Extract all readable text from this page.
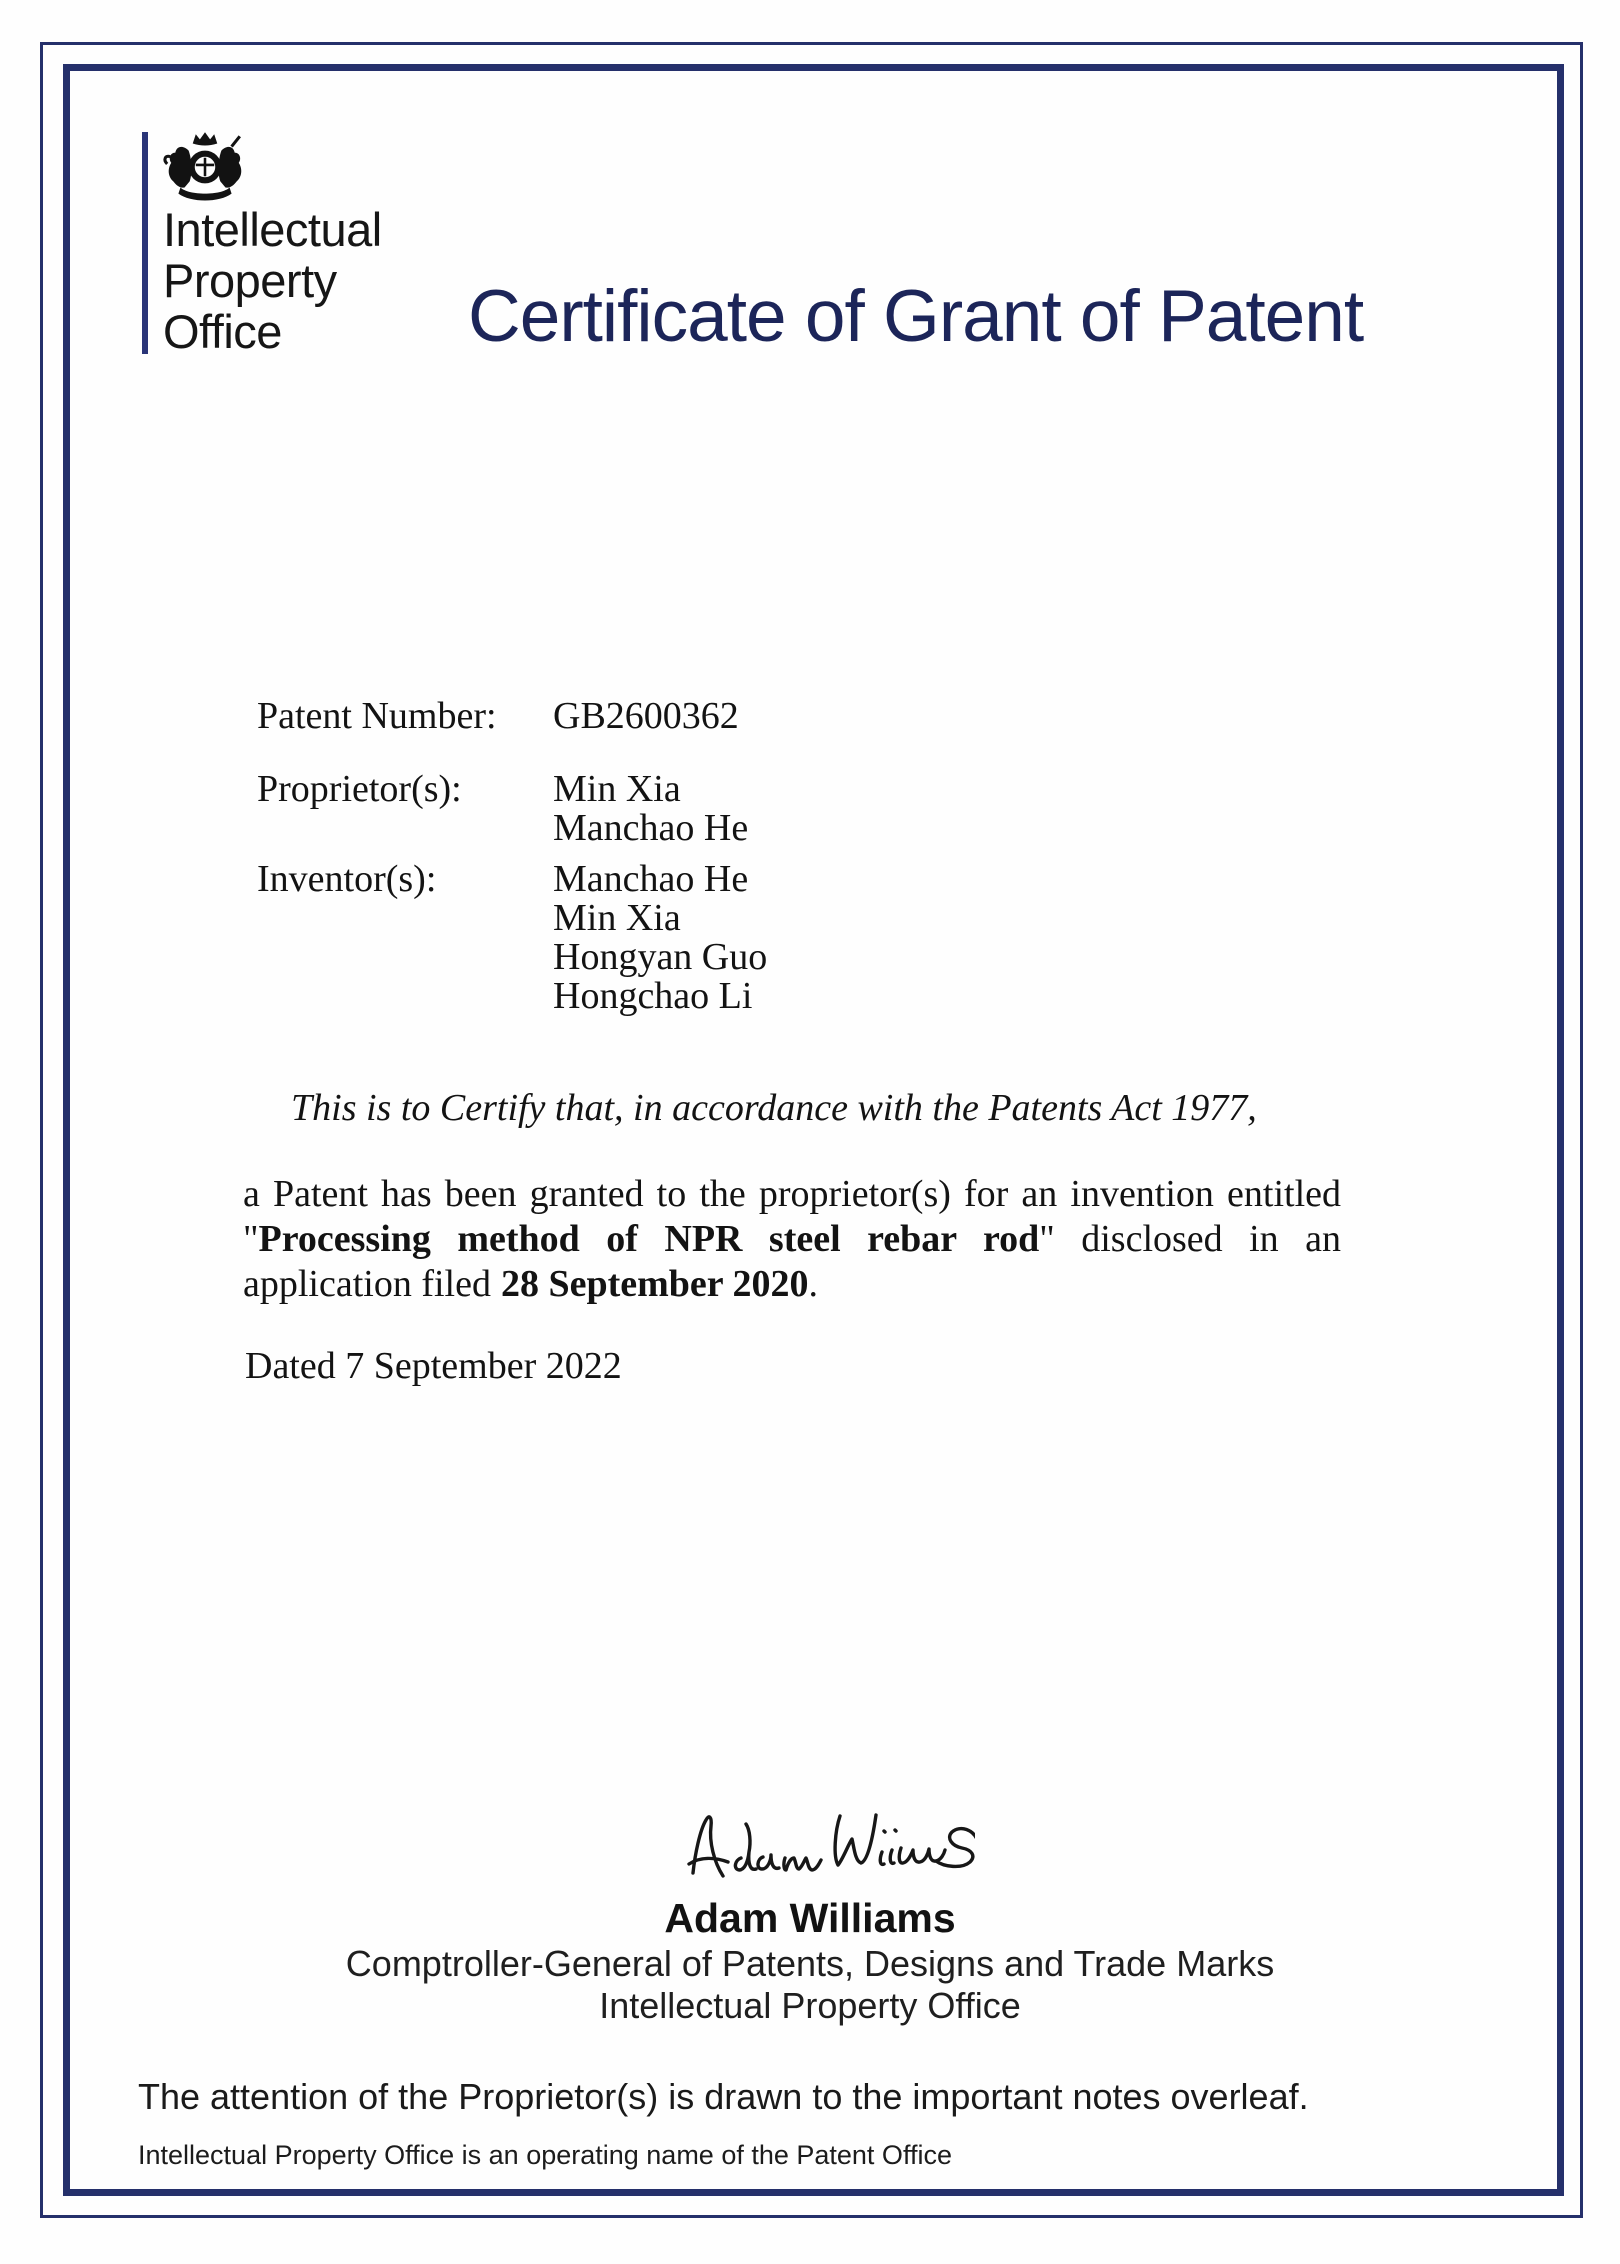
Intellectual
Property
Office	Certificate of Grant of Patent
Patent Number:	GB2600362
Proprietor(s):	Min Xia
Manchao He
Inventor(s):	Manchao He
Min Xia
Hongyan Guo
Hongchao Li
This is to Certify that, in accordance with the Patents Act 1977,
a Patent has been granted to the proprietor(s) for an invention entitled
"Processing method of NPR steel rebar rod" disclosed in an
application filed 28 September 2020.
Dated 7 September 2022
Adam Williams
Comptroller-General of Patents, Designs and Trade Marks
Intellectual Property Office
The attention of the Proprietor(s) is drawn to the important notes overleaf.
Intellectual Property Office is an operating name of the Patent Office
